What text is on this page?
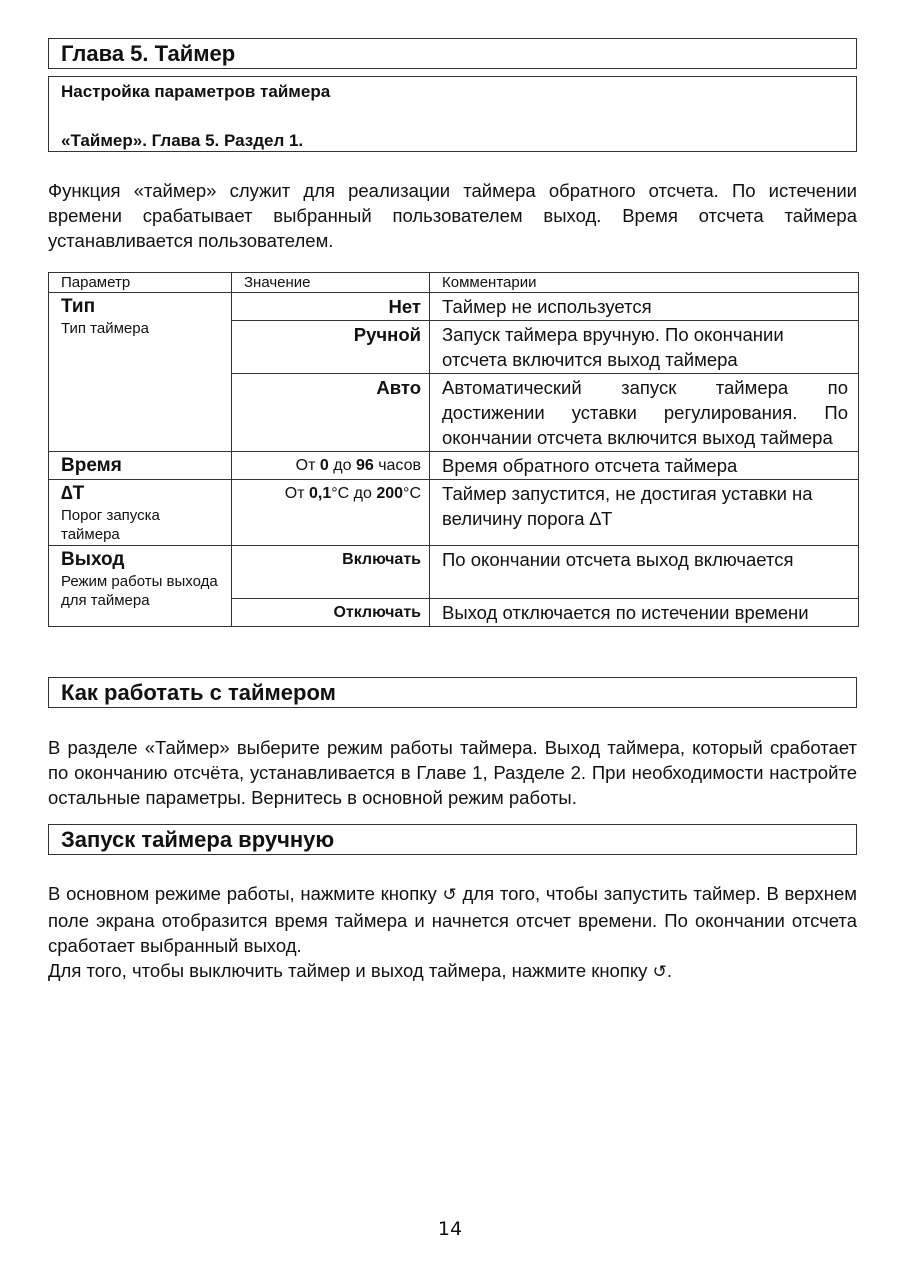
Глава 5. Таймер
Настройка параметров таймера
«Таймер». Глава 5. Раздел 1.

Функция «таймер» служит для реализации таймера обратного отсчета. По истечении времени срабатывает выбранный пользователем выход. Время отсчета таймера устанавливается пользователем.

Параметр	Значение	Комментарии

Тип
Тип таймера	Нет	Таймер не используется
	Ручной	Запуск таймера вручную. По окончании отсчета включится выход таймера
	Авто	Автоматический запуск таймера по достижении уставки регулирования. По окончании отсчета включится выход таймера

Время	От 0 до 96 часов	Время обратного отсчета таймера

∆T
Порог запуска таймера	От 0,1°C до 200°C	Таймер запустится, не достигая уставки на величину порога ∆T

Выход
Режим работы выхода для таймера	Включать	По окончании отсчета выход включается
	Отключать	Выход отключается по истечении времени
Как работать с таймером

В разделе «Таймер» выберите режим работы таймера. Выход таймера, который сработает по окончанию отсчёта, устанавливается в Главе 1, Разделе 2. При необходимости настройте остальные параметры. Вернитесь в основной режим работы.

Запуск таймера вручную

В основном режиме работы, нажмите кнопку ↺ для того, чтобы запустить таймер. В верхнем поле экрана отобразится время таймера и начнется отсчет времени. По окончании отсчета сработает выбранный выход.

Для того, чтобы выключить таймер и выход таймера, нажмите кнопку ↺.

14
